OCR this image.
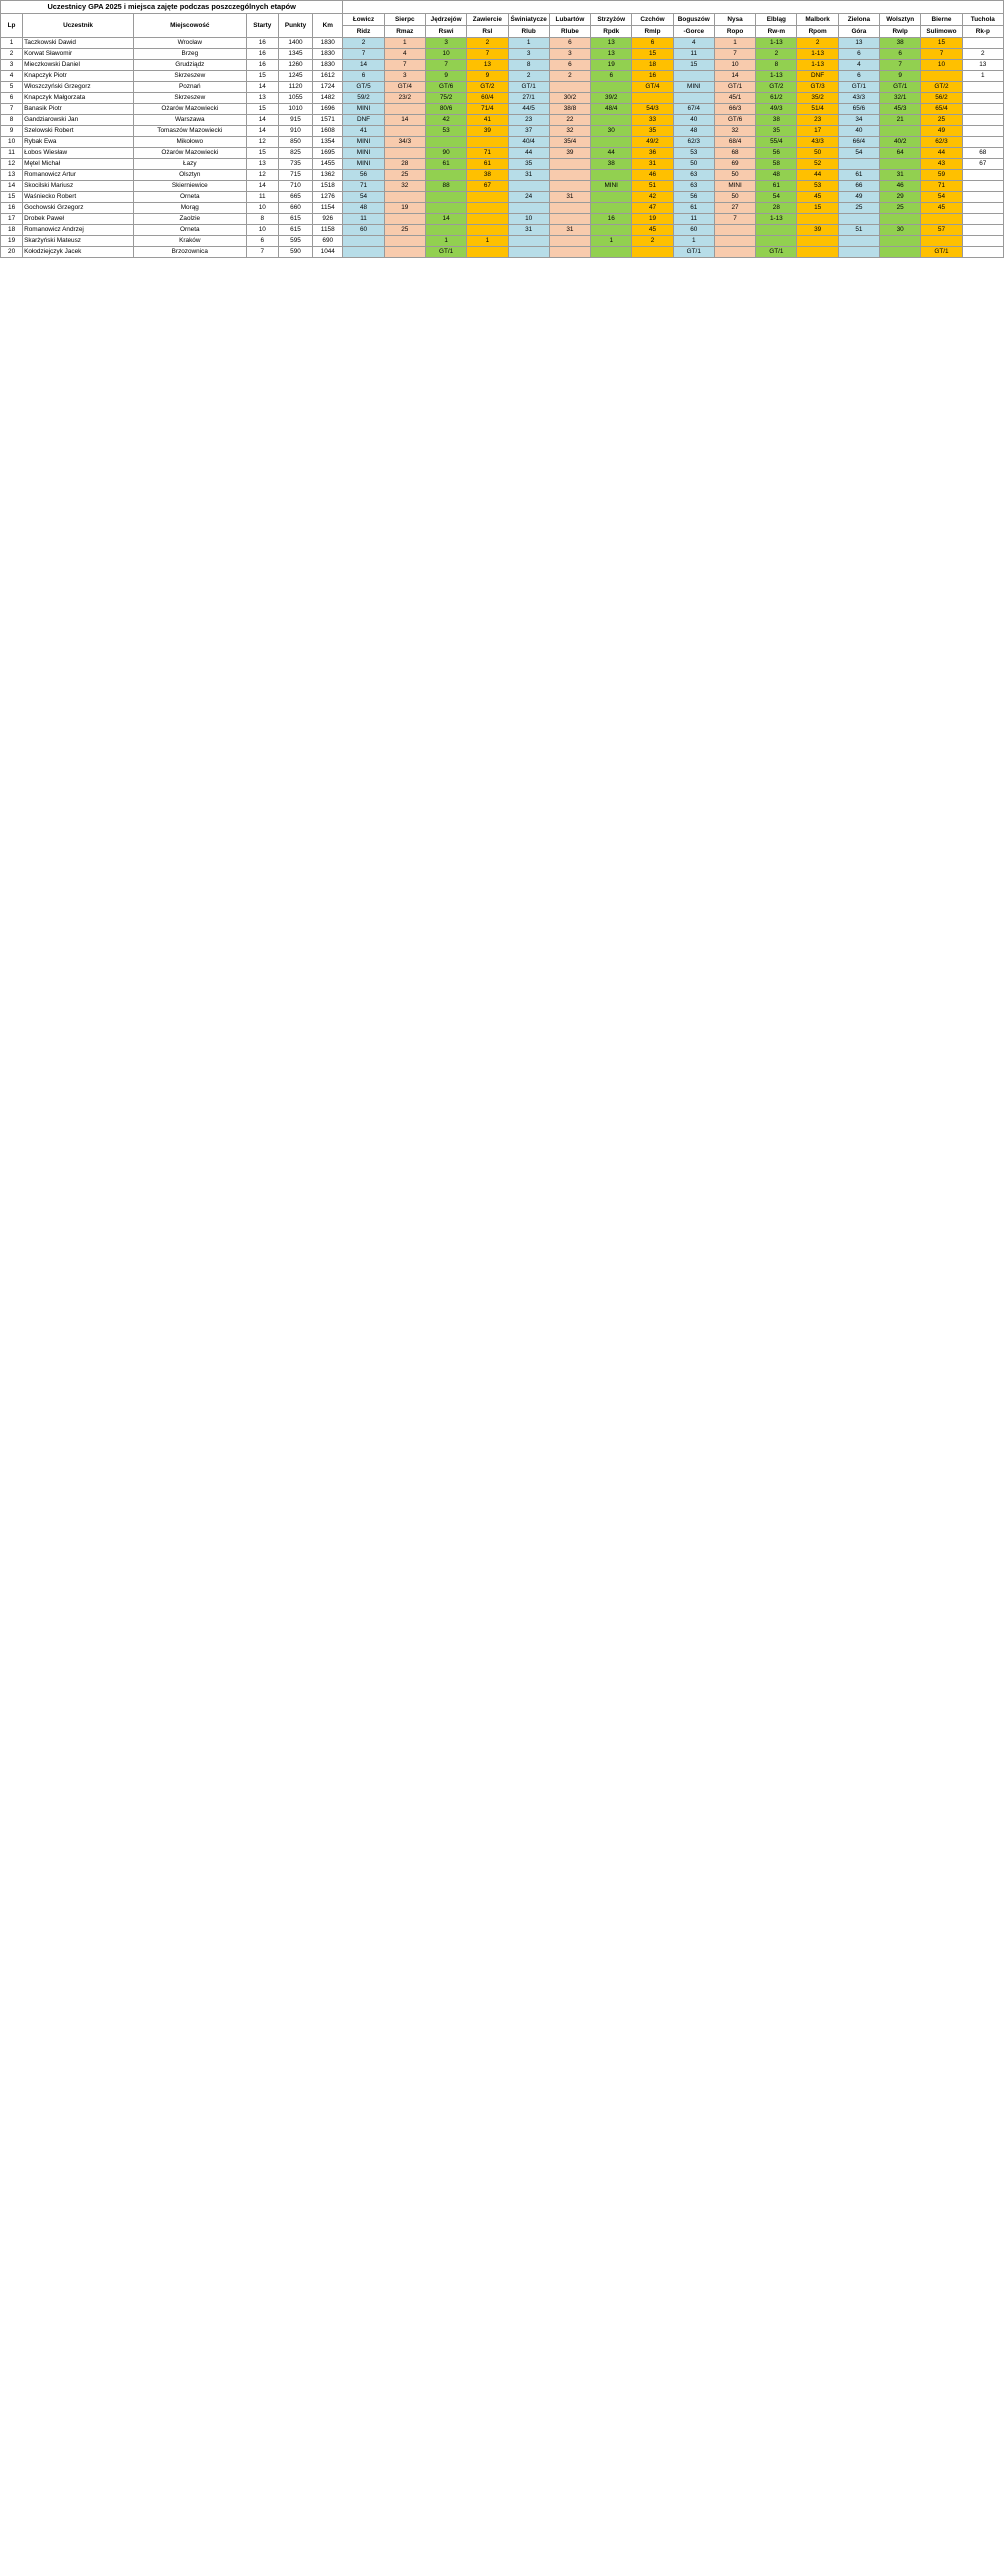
Uczestnicy GPA 2025 i miejsca zajęte podczas poszczególnych etapów																					
Lp	Uczestnik	Miejscowość	Starty	Punkty	Km	Łowicz	Sierpc	Jędrzejów	Zawiercie	Świniatycze	Lubartów	Strzyżów	Czchów	Boguszów	Nysa	Elbląg	Malbork	Zielona	Wolsztyn	Bierne	Tuchola
						Ridz	Rmaz	Rswi	Rsl	Rlub	Rlube	Rpdk	Rmlp	-Gorce	Ropo	Rw-m	Rpom	Góra	Rwlp	Sulimowo	Rk-p
1	Taczkowski Dawid	Wrocław	16	1400	1830	2	1	3	2	1	6	13	6	4	1	1-13	2	13	38	15	
2	Korwat Sławomir	Brzeg	16	1345	1830	7	4	10	7	3	3	13	15	11	7	2	1-13	6	6	7	2
3	Mieczkowski Daniel	Grudziądz	16	1260	1830	14	7	7	13	8	6	19	18	15	10	8	1-13	4	7	10	13
4	Knapczyk Piotr	Skrzeszew	15	1245	1612	6	3	9	9	2	2	6	16		14	1-13	DNF	6	9		1
5	Włoszczyński Grzegorz	Poznań	14	1120	1724	GT/5	GT/4	GT/6	GT/2	GT/1			GT/4	MINI	GT/1	GT/2	GT/3	GT/1	GT/1	GT/2	
6	Knapczyk Małgorzata	Skrzeszew	13	1055	1482	59/2	23/2	75/2	60/4	27/1	30/2	39/2			45/1	61/2	35/2	43/3	32/1	56/2	
7	Banasik Piotr	Ożarów Mazowiecki	15	1010	1696	MINI		80/6	71/4	44/5	38/8	48/4	54/3	67/4	66/3	49/3	51/4	65/6	45/3	65/4	
8	Gandziarowski Jan	Warszawa	14	915	1571	DNF	14	42	41	23	22		33	40	GT/6	38	23	34	21	25	
9	Szelowski Robert	Tomaszów Mazowiecki	14	910	1608	41		53	39	37	32	30	35	48	32	35	17	40		49	
10	Rybak Ewa	Mikołowo	12	850	1354	MINI	34/3			40/4	35/4		49/2	62/3	68/4	55/4	43/3	66/4	40/2	62/3	
11	Łobos Wiesław	Ożarów Mazowiecki	15	825	1695	MINI		90	71	44	39	44	36	53	68	56	50	54	64	44	68
12	Mętel Michał	Łazy	13	735	1455	MINI	28	61	61	35		38	31	50	69	58	52			43	67
13	Romanowicz Artur	Olsztyn	12	715	1362	56	25		38	31			46	63	50	48	44	61	31	59	
14	Skocilski Mariusz	Skierniewice	14	710	1518	71	32	88	67			MINI	51	63	MINI	61	53	66	46	71	
15	Waśniecko Robert	Orneta	11	665	1276	54				24	31		42	56	50	54	45	49	29	54	
16	Gochowski Grzegorz	Morąg	10	660	1154	48	19						47	61	27	28	15	25	25	45	
17	Drobek Paweł	Zaolzie	8	615	926	11		14		10		16	19	11	7	1-13					
18	Romanowicz Andrzej	Orneta	10	615	1158	60	25			31	31		45	60			39	51	30	57	
19	Skarżyński Mateusz	Kraków	6	595	690			1	1			1	2	1							
20	Kołodziejczyk Jacek	Brzozownica	7	590	1044			GT/1						GT/1		GT/1				GT/1	
